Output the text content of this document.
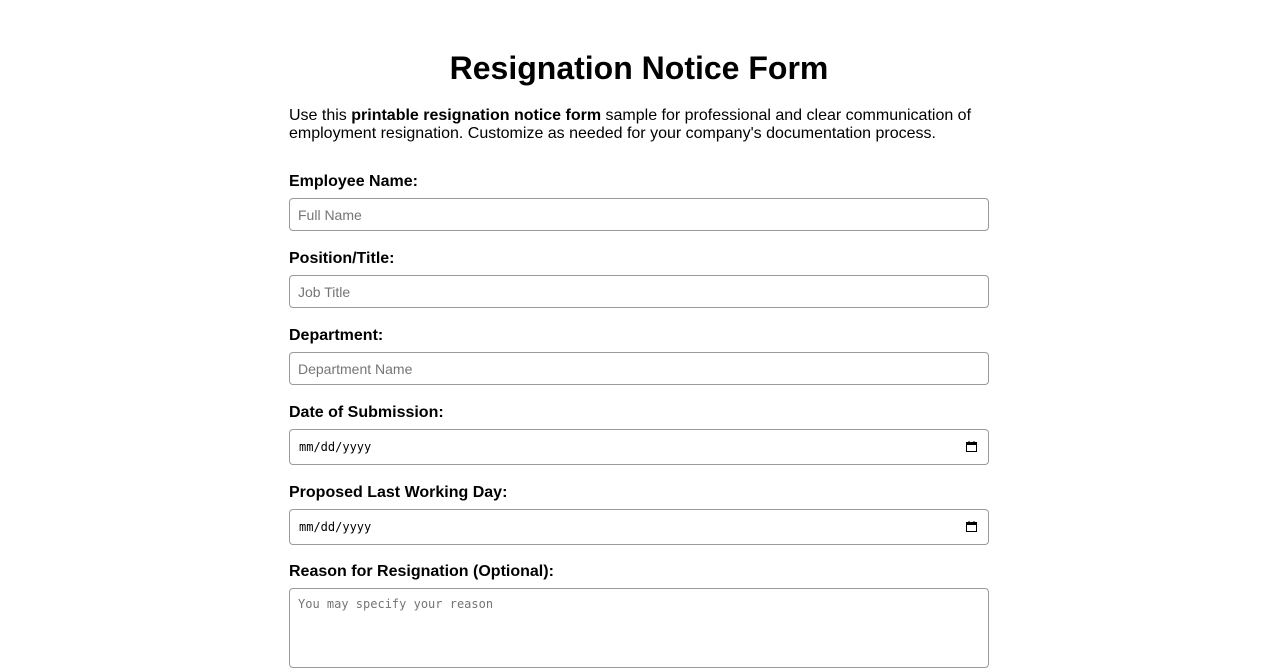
Resignation Notice Form

Use this printable resignation notice form sample for professional and clear communication of employment resignation. Customize as needed for your company's documentation process.

Employee Name:
Full Name
Position/Title:
Job Title
Department:
Department Name
Date of Submission:
mm/dd/yyyy
Proposed Last Working Day:
mm/dd/yyyy
Reason for Resignation (Optional):
You may specify your reason
